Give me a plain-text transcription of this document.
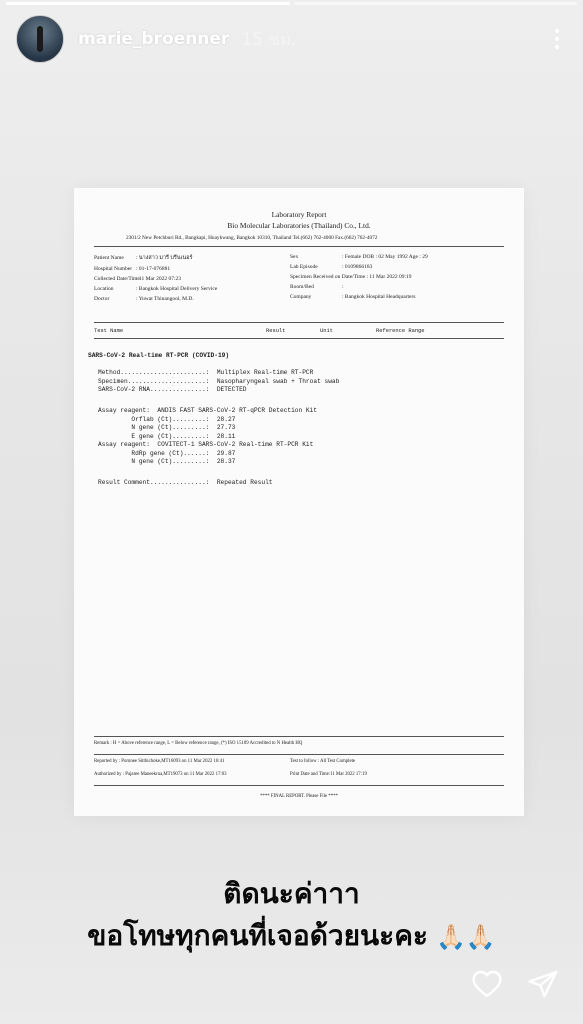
marie_broenner 15 ชม.
Laboratory Report
Bio Molecular Laboratories (Thailand) Co., Ltd.
2301/2 New Petchburi Rd., Bangkapi, Huaykwang, Bangkok 10310, Thailand Tel.(662) 762-4000 Fax.(662) 762-4072
Patient Name : นางสาว มารี บรีนเนอร์
Hospital Number : 01-17-076881
Collected Date/Time: 11 Mar 2022 07:23
Location	: Bangkok Hospital Delivery Service
Doctor	: Yuwat Thinangool, M.D.
Sex	: Female DOB : 02 May 1992 Age : 29
Lab Episode	: 0109866183
Specimen Received on Date/Time : 11 Mar 2022 09:19
Room/Bed	:
Company	: Bangkok Hospital Headquarters
Test Name	Result	Unit	Reference Range
SARS-CoV-2 Real-time RT-PCR (COVID-19)
Method.......................:  Multiplex Real-time RT-PCR
Specimen.....................:  Nasopharyngeal swab + Throat swab
SARS-CoV-2 RNA...............:  DETECTED
Assay reagent:  ANDIS FAST SARS-CoV-2 RT-qPCR Detection Kit
Orflab (Ct).........:  28.27
N gene (Ct).........:  27.73
E gene (Ct).........:  28.11
Assay reagent:  COVITECT-1 SARS-CoV-2 Real-time RT-PCR Kit
RdRp gene (Ct)......:  29.87
N gene (Ct).........:  28.37
Result Comment...............:  Repeated Result
Remark : H = Above reference range, L = Below reference range, (*) ISO 15189 Accredited to N Health HQ
Reported by : Pornnee Sitthichoke,MT16093 on 11 Mar 2022 16:41	Test to follow : All Test Complete
Authorized by : Pajaree Maneekrua,MT19073 on 11 Mar 2022 17:03	Print Date and Time:11 Mar 2022 17:19
**** FINAL REPORT. Please File ****
ติดนะค่าาา
ขอโทษทุกคนที่เจอด้วยนะคะ 🙏🏻🙏🏻
